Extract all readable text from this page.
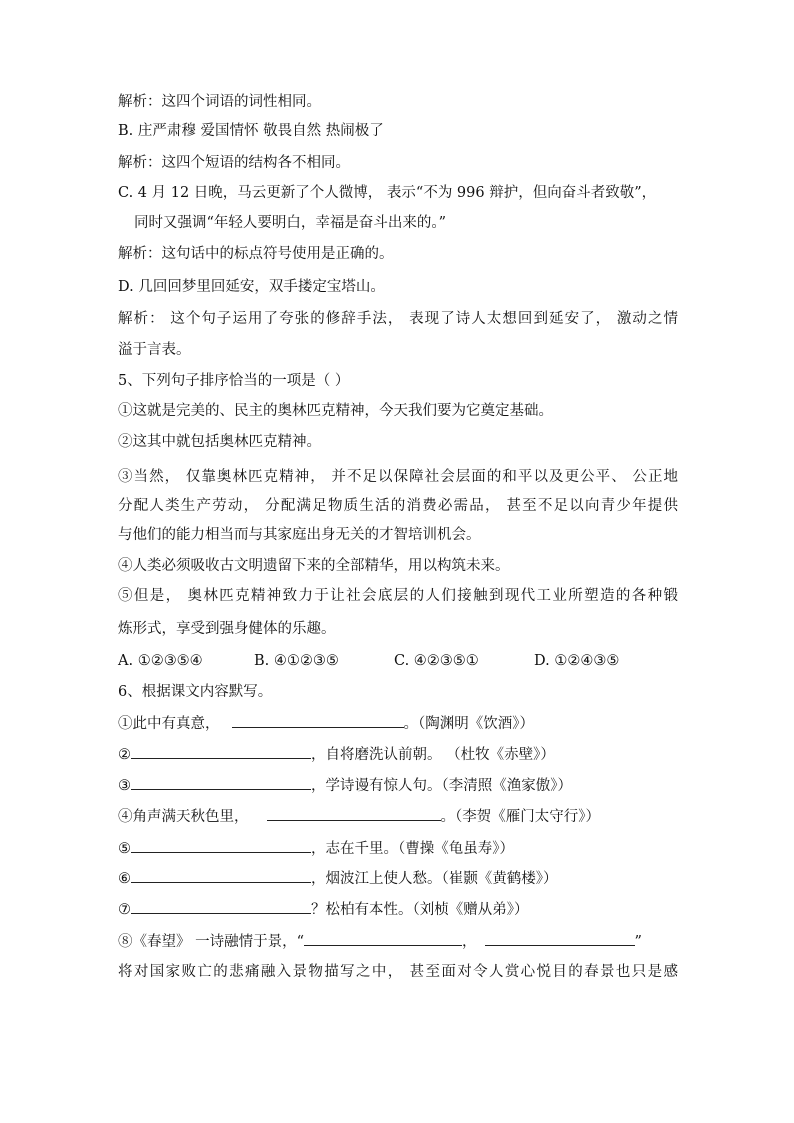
解析：这四个词语的词性相同。
B. 庄严肃穆 爱国情怀 敬畏自然 热闹极了
解析：这四个短语的结构各不相同。
C. 4 月 12 日晚，马云更新了个人微博， 表示“不为 996 辩护，但向奋斗者致敬”，
同时又强调“年轻人要明白，幸福是奋斗出来的。”
解析：这句话中的标点符号使用是正确的。
D. 几回回梦里回延安，双手搂定宝塔山。
解析： 这个句子运用了夸张的修辞手法， 表现了诗人太想回到延安了， 激动之情
溢于言表。
5、下列句子排序恰当的一项是（ ）
①这就是完美的、民主的奥林匹克精神，今天我们要为它奠定基础。
②这其中就包括奥林匹克精神。
③当然， 仅靠奥林匹克精神， 并不足以保障社会层面的和平以及更公平、 公正地
分配人类生产劳动， 分配满足物质生活的消费必需品， 甚至不足以向青少年提供
与他们的能力相当而与其家庭出身无关的才智培训机会。
④人类必须吸收古文明遗留下来的全部精华，用以构筑未来。
⑤但是， 奥林匹克精神致力于让社会底层的人们接触到现代工业所塑造的各种锻
炼形式，享受到强身健体的乐趣。
A. ①②③⑤④	B. ④①②③⑤	C. ④②③⑤①	D. ①②④③⑤
6、根据课文内容默写。
①此中有真意，	。（陶渊明《饮酒》）
②	，自将磨洗认前朝。 （杜牧《赤壁》）
③	，学诗谩有惊人句。（李清照《渔家傲》）
④角声满天秋色里，	。（李贺《雁门太守行》）
⑤	，志在千里。（曹操《龟虽寿》）
⑥	，烟波江上使人愁。（崔颢《黄鹤楼》）
⑦	？松柏有本性。（刘桢《赠从弟》）
⑧《春望》 一诗融情于景，“	，	”
将对国家败亡的悲痛融入景物描写之中， 甚至面对令人赏心悦目的春景也只是感
